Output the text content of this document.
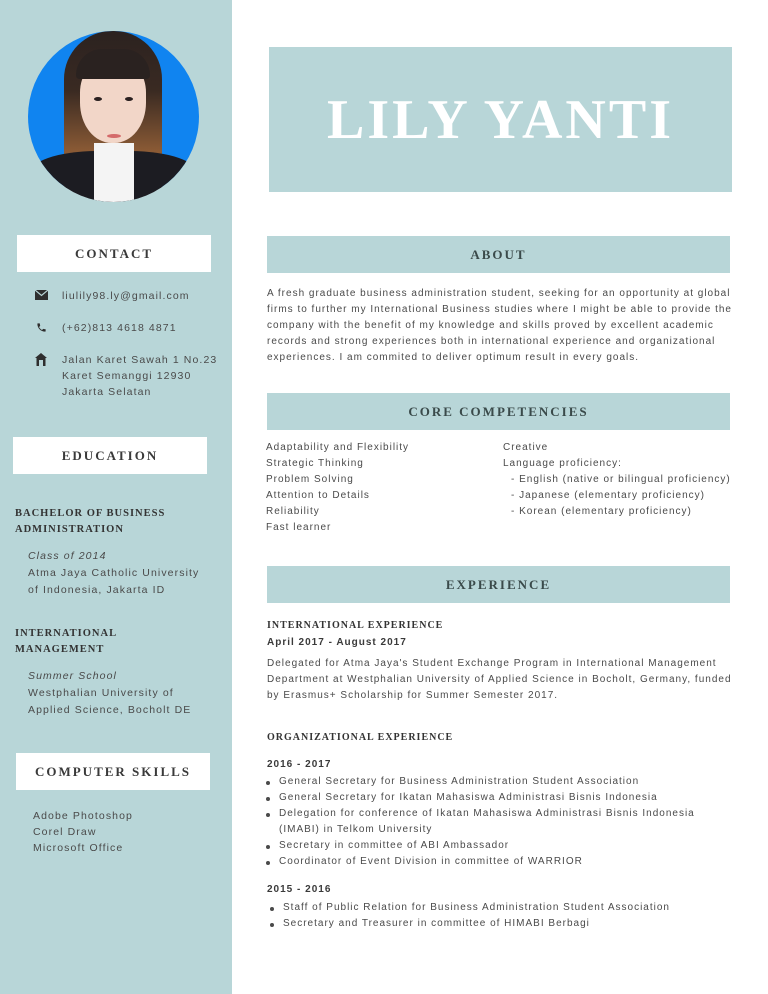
CONTACT
liulily98.ly@gmail.com
(+62)813 4618 4871
Jalan Karet Sawah 1 No.23
Karet Semanggi 12930
Jakarta Selatan
EDUCATION
BACHELOR OF BUSINESS
ADMINISTRATION
Class of 2014
Atma Jaya Catholic University
of Indonesia, Jakarta ID
INTERNATIONAL
MANAGEMENT
Summer School
Westphalian University of
Applied Science, Bocholt DE
COMPUTER SKILLS
Adobe Photoshop
Corel Draw
Microsoft Office
LILY YANTI
ABOUT
A fresh graduate business administration student, seeking for an opportunity at global firms to further my International Business studies where I might be able to provide the company with the benefit of my knowledge and skills proved by excellent academic records and strong experiences both in international experience and organizational experiences. I am commited to deliver optimum result in every goals.
CORE COMPETENCIES
Adaptability and Flexibility
Strategic Thinking
Problem Solving
Attention to Details
Reliability
Fast learner
Creative
Language proficiency:
- English (native or bilingual proficiency)
- Japanese (elementary proficiency)
- Korean (elementary proficiency)
EXPERIENCE
INTERNATIONAL EXPERIENCE
April 2017 - August 2017
Delegated for Atma Jaya's Student Exchange Program in International Management Department at Westphalian University of Applied Science in Bocholt, Germany, funded by Erasmus+ Scholarship for Summer Semester 2017.
ORGANIZATIONAL EXPERIENCE
2016 - 2017
General Secretary for Business Administration Student Association
General Secretary for Ikatan Mahasiswa Administrasi Bisnis Indonesia
Delegation for conference of Ikatan Mahasiswa Administrasi Bisnis Indonesia (IMABI) in Telkom University
Secretary in committee of ABI Ambassador
Coordinator of Event Division in committee of WARRIOR
2015 - 2016
Staff of Public Relation for Business Administration Student Association
Secretary and Treasurer in committee of HIMABI Berbagi
